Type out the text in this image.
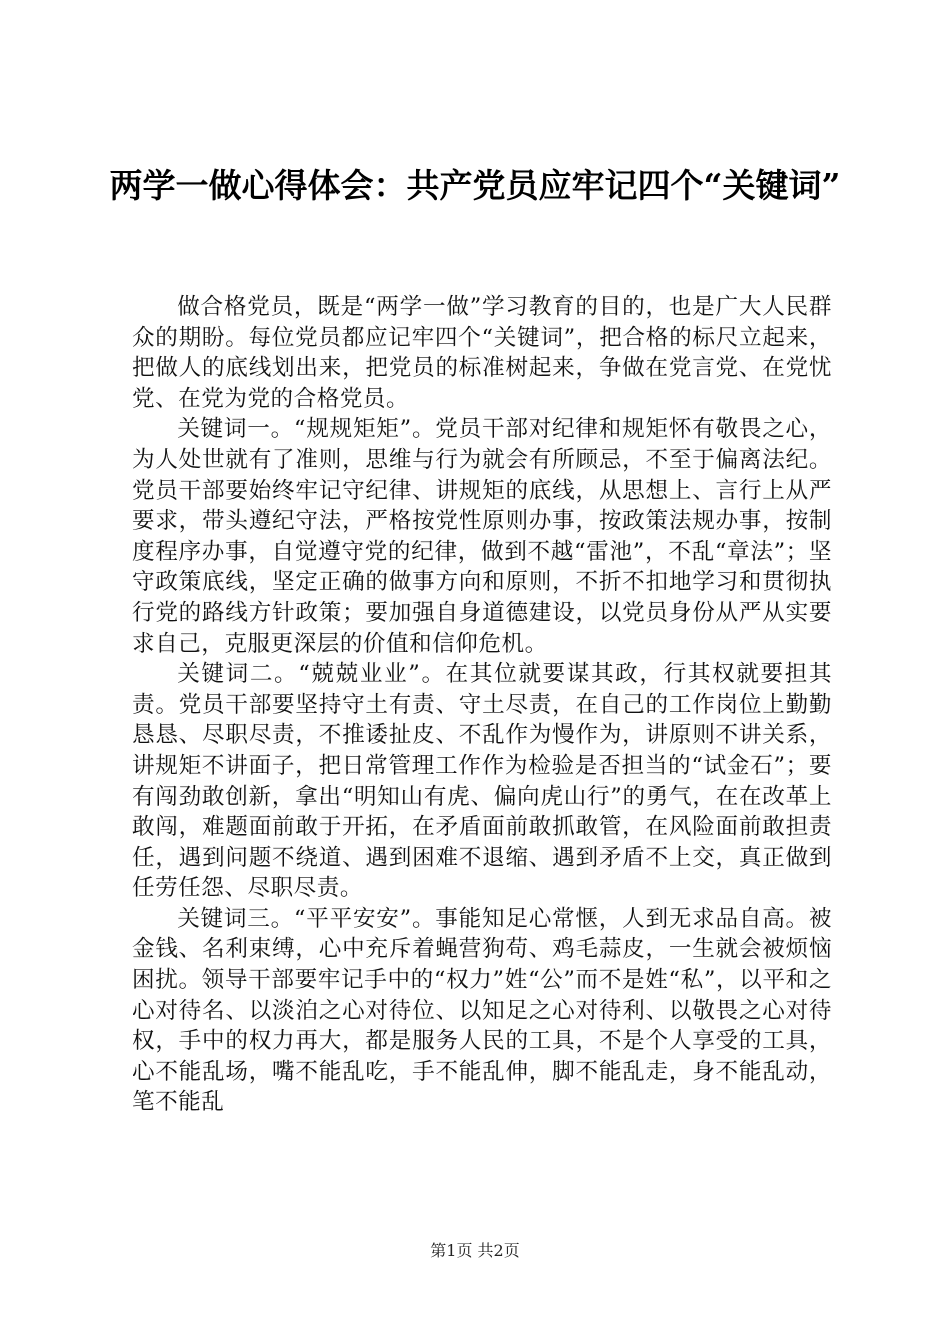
两学一做心得体会：共产党员应牢记四个“关键词”

做合格党员，既是“两学一做”学习教育的目的，也是广大人民群众的期盼。每位党员都应记牢四个“关键词”，把合格的标尺立起来，把做人的底线划出来，把党员的标准树起来，争做在党言党、在党忧党、在党为党的合格党员。

关键词一。“规规矩矩”。党员干部对纪律和规矩怀有敬畏之心，为人处世就有了准则，思维与行为就会有所顾忌，不至于偏离法纪。党员干部要始终牢记守纪律、讲规矩的底线，从思想上、言行上从严要求，带头遵纪守法，严格按党性原则办事，按政策法规办事，按制度程序办事，自觉遵守党的纪律，做到不越“雷池”，不乱“章法”；坚守政策底线，坚定正确的做事方向和原则，不折不扣地学习和贯彻执行党的路线方针政策；要加强自身道德建设，以党员身份从严从实要求自己，克服更深层的价值和信仰危机。

关键词二。“兢兢业业”。在其位就要谋其政，行其权就要担其责。党员干部要坚持守土有责、守土尽责，在自己的工作岗位上勤勤恳恳、尽职尽责，不推诿扯皮、不乱作为慢作为，讲原则不讲关系，讲规矩不讲面子，把日常管理工作作为检验是否担当的“试金石”；要有闯劲敢创新，拿出“明知山有虎、偏向虎山行”的勇气，在在改革上敢闯，难题面前敢于开拓，在矛盾面前敢抓敢管，在风险面前敢担责任，遇到问题不绕道、遇到困难不退缩、遇到矛盾不上交，真正做到任劳任怨、尽职尽责。

关键词三。“平平安安”。事能知足心常惬，人到无求品自高。被金钱、名利束缚，心中充斥着蝇营狗苟、鸡毛蒜皮，一生就会被烦恼困扰。领导干部要牢记手中的“权力”姓“公”而不是姓“私”，以平和之心对待名、以淡泊之心对待位、以知足之心对待利、以敬畏之心对待权，手中的权力再大，都是服务人民的工具，不是个人享受的工具，心不能乱场，嘴不能乱吃，手不能乱伸，脚不能乱走，身不能乱动，笔不能乱

第1页 共2页
